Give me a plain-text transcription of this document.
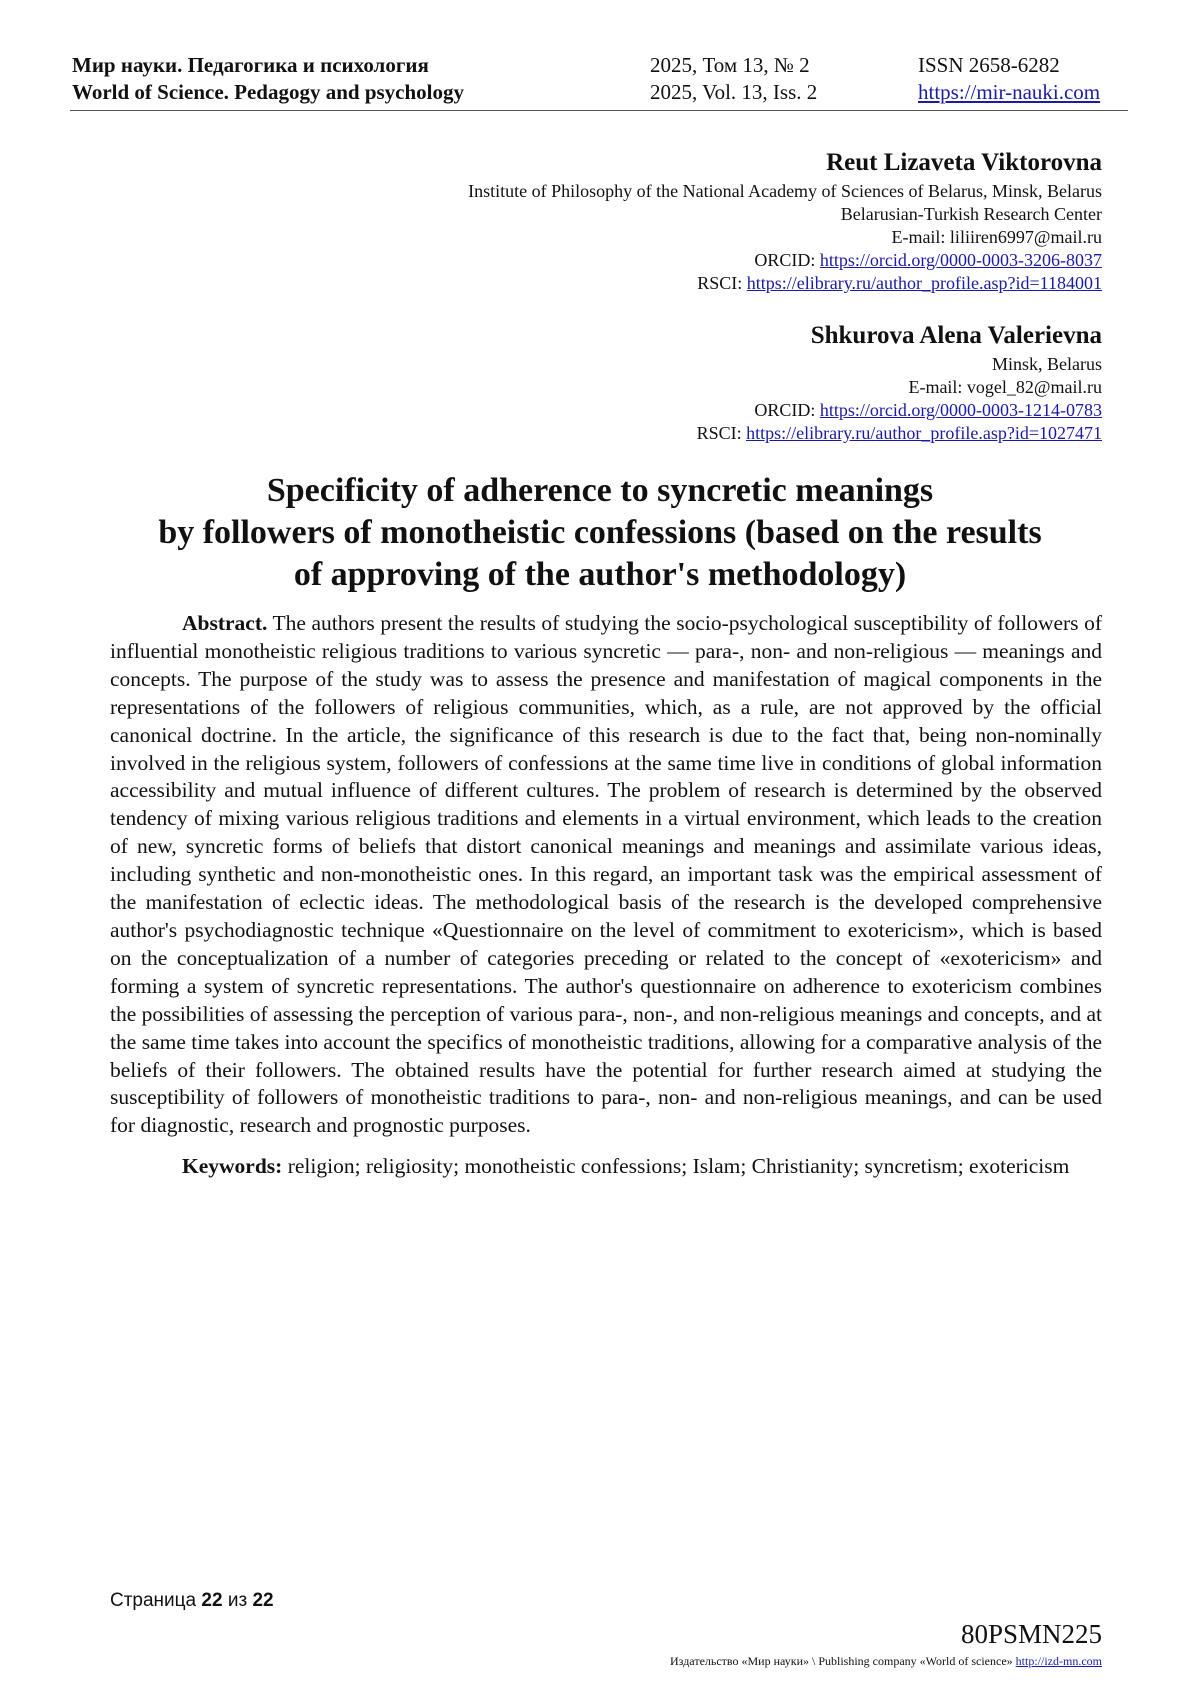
Мир науки. Педагогика и психология	2025, Том 13, № 2	ISSN 2658-6282
World of Science. Pedagogy and psychology	2025, Vol. 13, Iss. 2	https://mir-nauki.com
Reut Lizaveta Viktorovna
Institute of Philosophy of the National Academy of Sciences of Belarus, Minsk, Belarus
Belarusian-Turkish Research Center
E-mail: liliiren6997@mail.ru
ORCID: https://orcid.org/0000-0003-3206-8037
RSCI: https://elibrary.ru/author_profile.asp?id=1184001
Shkurova Alena Valerievna
Minsk, Belarus
E-mail: vogel_82@mail.ru
ORCID: https://orcid.org/0000-0003-1214-0783
RSCI: https://elibrary.ru/author_profile.asp?id=1027471
Specificity of adherence to syncretic meanings
by followers of monotheistic confessions (based on the results
of approving of the author's methodology)

Abstract. The authors present the results of studying the socio-psychological susceptibility of followers of influential monotheistic religious traditions to various syncretic — para-, non- and non-religious — meanings and concepts. The purpose of the study was to assess the presence and manifestation of magical components in the representations of the followers of religious communities, which, as a rule, are not approved by the official canonical doctrine. In the article, the significance of this research is due to the fact that, being non-nominally involved in the religious system, followers of confessions at the same time live in conditions of global information accessibility and mutual influence of different cultures. The problem of research is determined by the observed tendency of mixing various religious traditions and elements in a virtual environment, which leads to the creation of new, syncretic forms of beliefs that distort canonical meanings and meanings and assimilate various ideas, including synthetic and non-monotheistic ones. In this regard, an important task was the empirical assessment of the manifestation of eclectic ideas. The methodological basis of the research is the developed comprehensive author's psychodiagnostic technique «Questionnaire on the level of commitment to exotericism», which is based on the conceptualization of a number of categories preceding or related to the concept of «exotericism» and forming a system of syncretic representations. The author's questionnaire on adherence to exotericism combines the possibilities of assessing the perception of various para-, non-, and non-religious meanings and concepts, and at the same time takes into account the specifics of monotheistic traditions, allowing for a comparative analysis of the beliefs of their followers. The obtained results have the potential for further research aimed at studying the susceptibility of followers of monotheistic traditions to para-, non- and non-religious meanings, and can be used for diagnostic, research and prognostic purposes.

Keywords: religion; religiosity; monotheistic confessions; Islam; Christianity; syncretism; exotericism

Страница 22 из 22
80PSMN225
Издательство «Мир науки» \ Publishing company «World of science» http://izd-mn.com
